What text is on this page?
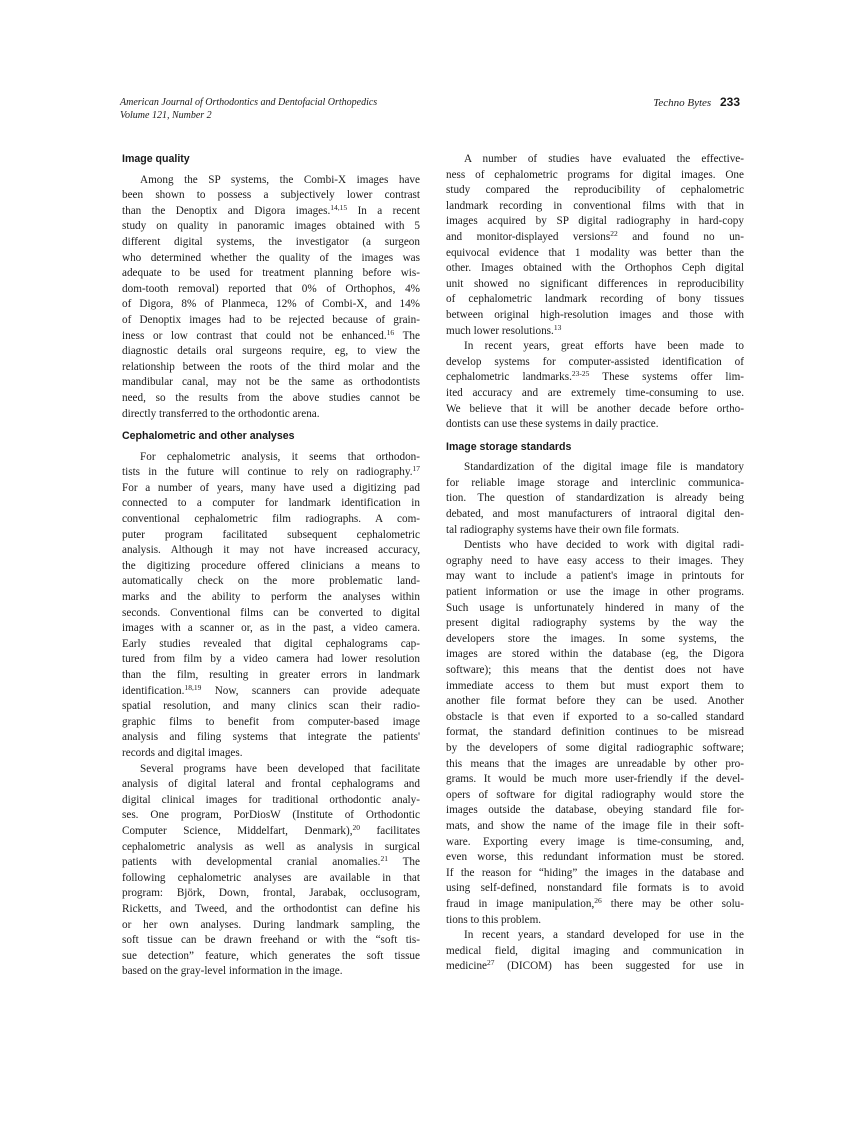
American Journal of Orthodontics and Dentofacial Orthopedics
Volume 121, Number 2
Techno Bytes 233
Image quality

Among the SP systems, the Combi-X images have
been shown to possess a subjectively lower contrast
than the Denoptix and Digora images.$^{14,15}$ In a recent
study on quality in panoramic images obtained with 5
different digital systems, the investigator (a surgeon
who determined whether the quality of the images was
adequate to be used for treatment planning before wis-
dom-tooth removal) reported that 0% of Orthophos, 4%
of Digora, 8% of Planmeca, 12% of Combi-X, and 14%
of Denoptix images had to be rejected because of grain-
iness or low contrast that could not be enhanced.$^{16}$ The
diagnostic details oral surgeons require, eg, to view the
relationship between the roots of the third molar and the
mandibular canal, may not be the same as orthodontists
need, so the results from the above studies cannot be
directly transferred to the orthodontic arena.

Cephalometric and other analyses

For cephalometric analysis, it seems that orthodon-
tists in the future will continue to rely on radiography.$^{17}$
For a number of years, many have used a digitizing pad
connected to a computer for landmark identification in
conventional cephalometric film radiographs. A com-
puter program facilitated subsequent cephalometric
analysis. Although it may not have increased accuracy,
the digitizing procedure offered clinicians a means to
automatically check on the more problematic land-
marks and the ability to perform the analyses within
seconds. Conventional films can be converted to digital
images with a scanner or, as in the past, a video camera.
Early studies revealed that digital cephalograms cap-
tured from film by a video camera had lower resolution
than the film, resulting in greater errors in landmark
identification.$^{18,19}$ Now, scanners can provide adequate
spatial resolution, and many clinics scan their radio-
graphic films to benefit from computer-based image
analysis and filing systems that integrate the patients'
records and digital images.

Several programs have been developed that facilitate
analysis of digital lateral and frontal cephalograms and
digital clinical images for traditional orthodontic analy-
ses. One program, PorDiosW (Institute of Orthodontic
Computer Science, Middelfart, Denmark),$^{20}$ facilitates
cephalometric analysis as well as analysis in surgical
patients with developmental cranial anomalies.$^{21}$ The
following cephalometric analyses are available in that
program: Björk, Down, frontal, Jarabak, occlusogram,
Ricketts, and Tweed, and the orthodontist can define his
or her own analyses. During landmark sampling, the
soft tissue can be drawn freehand or with the “soft tis-
sue detection” feature, which generates the soft tissue
based on the gray-level information in the image.

A number of studies have evaluated the effective-
ness of cephalometric programs for digital images. One
study compared the reproducibility of cephalometric
landmark recording in conventional films with that in
images acquired by SP digital radiography in hard-copy
and monitor-displayed versions$^{22}$ and found no un-
equivocal evidence that 1 modality was better than the
other. Images obtained with the Orthophos Ceph digital
unit showed no significant differences in reproducibility
of cephalometric landmark recording of bony tissues
between original high-resolution images and those with
much lower resolutions.$^{13}$

In recent years, great efforts have been made to
develop systems for computer-assisted identification of
cephalometric landmarks.$^{23-25}$ These systems offer lim-
ited accuracy and are extremely time-consuming to use.
We believe that it will be another decade before ortho-
dontists can use these systems in daily practice.

Image storage standards

Standardization of the digital image file is mandatory
for reliable image storage and interclinic communica-
tion. The question of standardization is already being
debated, and most manufacturers of intraoral digital den-
tal radiography systems have their own file formats.

Dentists who have decided to work with digital radi-
ography need to have easy access to their images. They
may want to include a patient's image in printouts for
patient information or use the image in other programs.
Such usage is unfortunately hindered in many of the
present digital radiography systems by the way the
developers store the images. In some systems, the
images are stored within the database (eg, the Digora
software); this means that the dentist does not have
immediate access to them but must export them to
another file format before they can be used. Another
obstacle is that even if exported to a so-called standard
format, the standard definition continues to be misread
by the developers of some digital radiographic software;
this means that the images are unreadable by other pro-
grams. It would be much more user-friendly if the devel-
opers of software for digital radiography would store the
images outside the database, obeying standard file for-
mats, and show the name of the image file in their soft-
ware. Exporting every image is time-consuming, and,
even worse, this redundant information must be stored.
If the reason for “hiding” the images in the database and
using self-defined, nonstandard file formats is to avoid
fraud in image manipulation,$^{26}$ there may be other solu-
tions to this problem.

In recent years, a standard developed for use in the
medical field, digital imaging and communication in
medicine$^{27}$ (DICOM) has been suggested for use in
